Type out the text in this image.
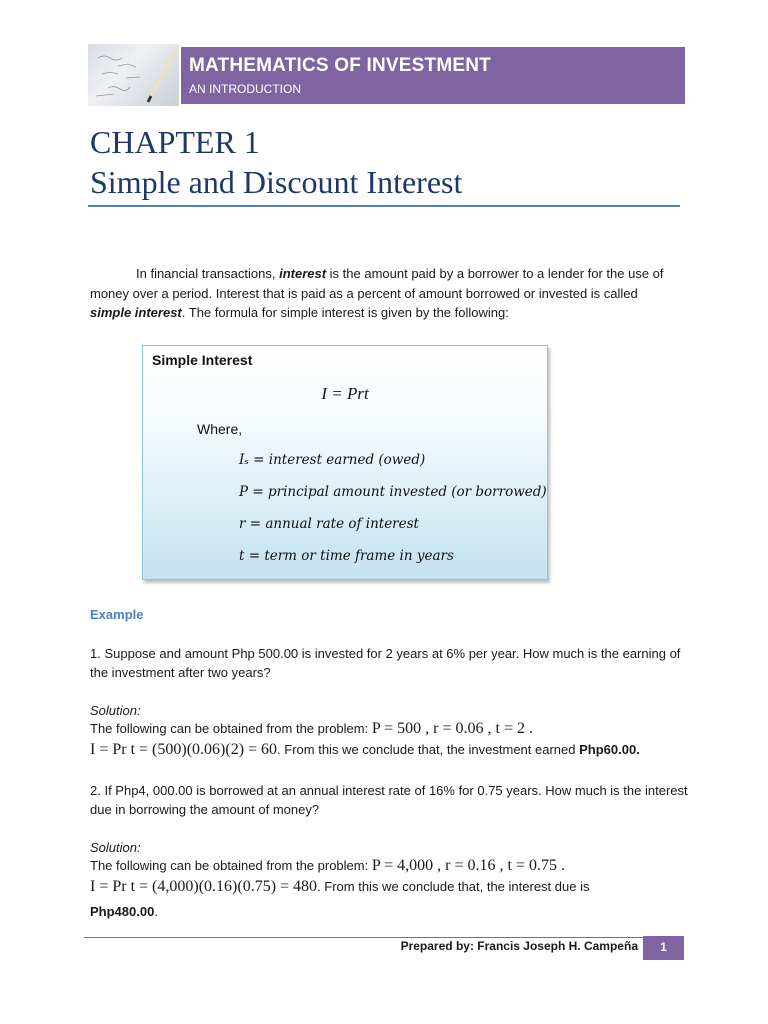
MATHEMATICS OF INVESTMENT
AN INTRODUCTION
CHAPTER 1
Simple and Discount Interest
In financial transactions, interest is the amount paid by a borrower to a lender for the use of money over a period. Interest that is paid as a percent of amount borrowed or invested is called simple interest. The formula for simple interest is given by the following:
Simple Interest
I = Prt
Where,
Iₛ = interest earned (owed)
P = principal amount invested (or borrowed)
r = annual rate of interest
t = term or time frame in years
Example
1. Suppose and amount Php 500.00 is invested for 2 years at 6% per year. How much is the earning of the investment after two years?
Solution:
The following can be obtained from the problem: P = 500 , r = 0.06 , t = 2 .
I = Pr t = (500)(0.06)(2) = 60. From this we conclude that, the investment earned Php60.00.
2. If Php4, 000.00 is borrowed at an annual interest rate of 16% for 0.75 years. How much is the interest due in borrowing the amount of money?
Solution:
The following can be obtained from the problem: P = 4,000 , r = 0.16 , t = 0.75 .
I = Pr t = (4,000)(0.16)(0.75) = 480. From this we conclude that, the interest due is
Php480.00.
Prepared by: Francis Joseph H. Campeña	1
